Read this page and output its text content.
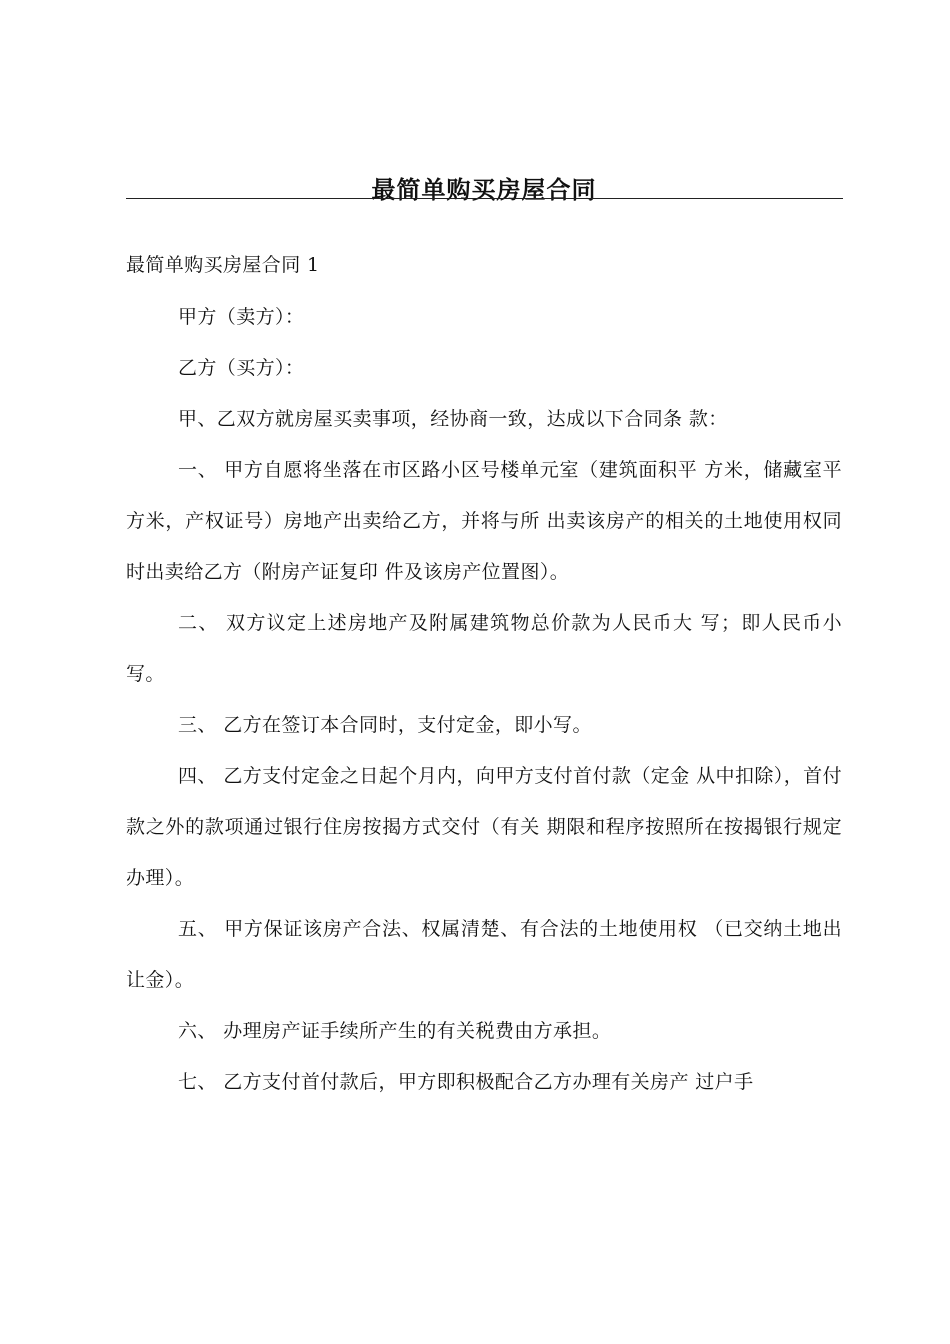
最简单购买房屋合同
最简单购买房屋合同 1

甲方（卖方）：

乙方（买方）：

甲、乙双方就房屋买卖事项，经协商一致，达成以下合同条 款：

一、 甲方自愿将坐落在市区路小区号楼单元室（建筑面积平 方米，储藏室平方米，产权证号）房地产出卖给乙方，并将与所 出卖该房产的相关的土地使用权同时出卖给乙方（附房产证复印 件及该房产位置图）。

二、 双方议定上述房地产及附属建筑物总价款为人民币大 写；即人民币小写。

三、 乙方在签订本合同时，支付定金，即小写。

四、 乙方支付定金之日起个月内，向甲方支付首付款（定金 从中扣除），首付款之外的款项通过银行住房按揭方式交付（有关 期限和程序按照所在按揭银行规定办理）。

五、 甲方保证该房产合法、权属清楚、有合法的土地使用权 （已交纳土地出让金）。

六、 办理房产证手续所产生的有关税费由方承担。

七、 乙方支付首付款后，甲方即积极配合乙方办理有关房产 过户手
